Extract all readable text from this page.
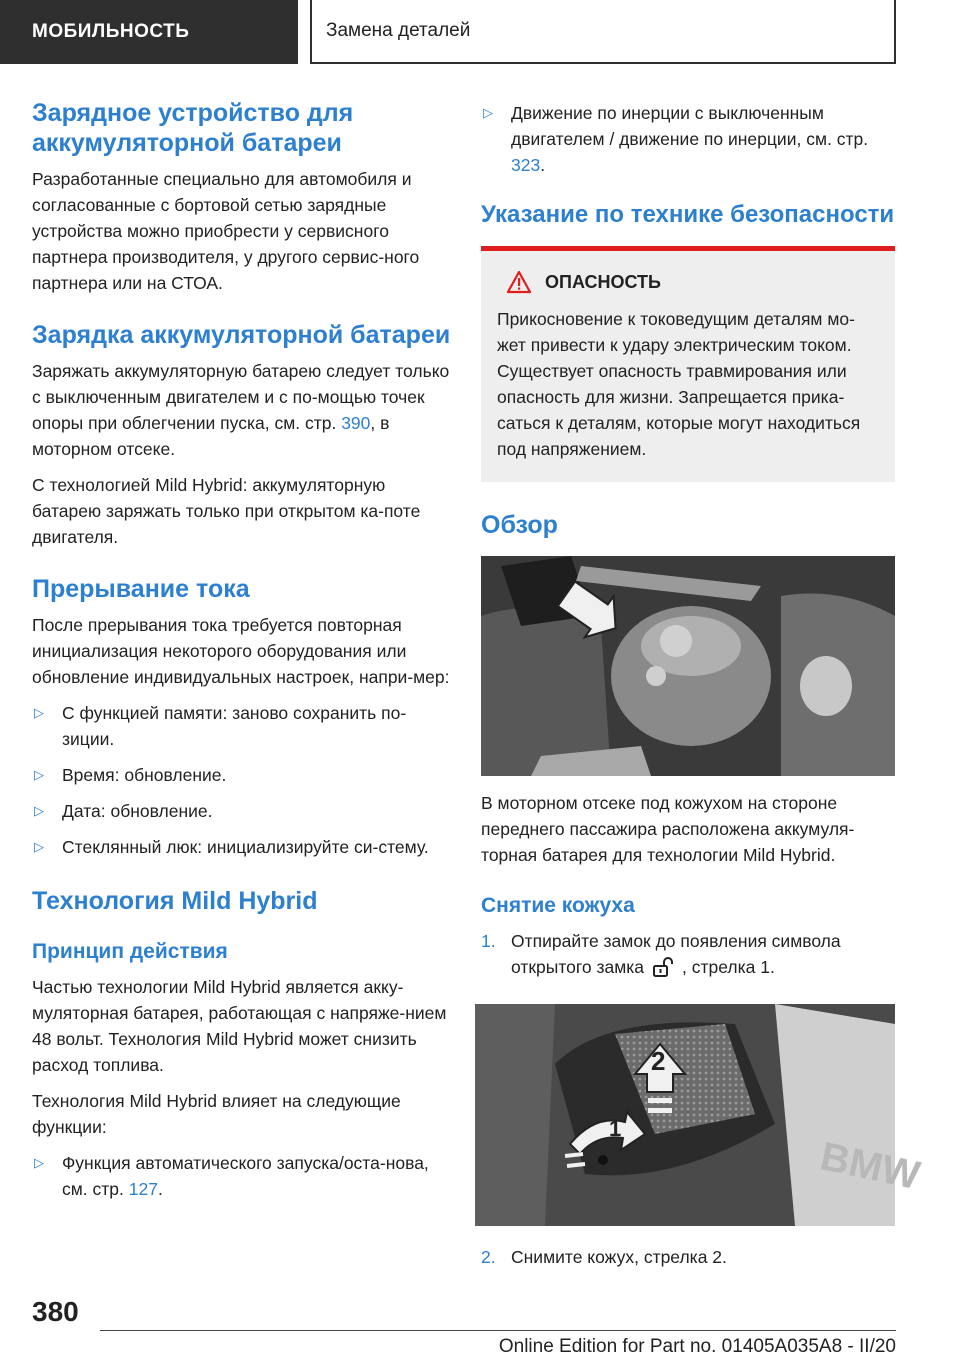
МОБИЛЬНОСТЬ	Замена деталей
Зарядное устройство для аккумуляторной батареи

Разработанные специально для автомобиля и согласованные с бортовой сетью зарядные устройства можно приобрести у сервисного партнера производителя, у другого сервис-ного партнера или на СТОА.

Зарядка аккумуляторной батареи

Заряжать аккумуляторную батарею следует только с выключенным двигателем и с по-мощью точек опоры при облегчении пуска, см. стр. 390, в моторном отсеке.

С технологией Mild Hybrid: аккумуляторную батарею заряжать только при открытом ка-поте двигателя.

Прерывание тока

После прерывания тока требуется повторная инициализация некоторого оборудования или обновление индивидуальных настроек, напри-мер:

▷ С функцией памяти: заново сохранить по-зиции.
▷ Время: обновление.
▷ Дата: обновление.
▷ Стеклянный люк: инициализируйте си-стему.
Технология Mild Hybrid
Принцип действия

Частью технологии Mild Hybrid является акку-муляторная батарея, работающая с напряже-нием 48 вольт. Технология Mild Hybrid может снизить расход топлива.

Технология Mild Hybrid влияет на следующие функции:

▷ Функция автоматического запуска/оста-нова, см. стр. 127.
▷ Движение по инерции с выключенным двигателем / движение по инерции, см. стр. 323.
Указание по технике безопасности
ОПАСНОСТЬ

Прикосновение к токоведущим деталям мо-жет привести к удару электрическим током. Существует опасность травмирования или опасность для жизни. Запрещается прика-саться к деталям, которые могут находиться под напряжением.

Обзор

В моторном отсеке под кожухом на стороне переднего пассажира расположена аккумуля-торная батарея для технологии Mild Hybrid.

Снятие кожуха
1. Отпирайте замок до появления символа открытого замка , стрелка 1.
BMW
2
1
2. Снимите кожух, стрелка 2.
380
Online Edition for Part no. 01405A035A8 - II/20
